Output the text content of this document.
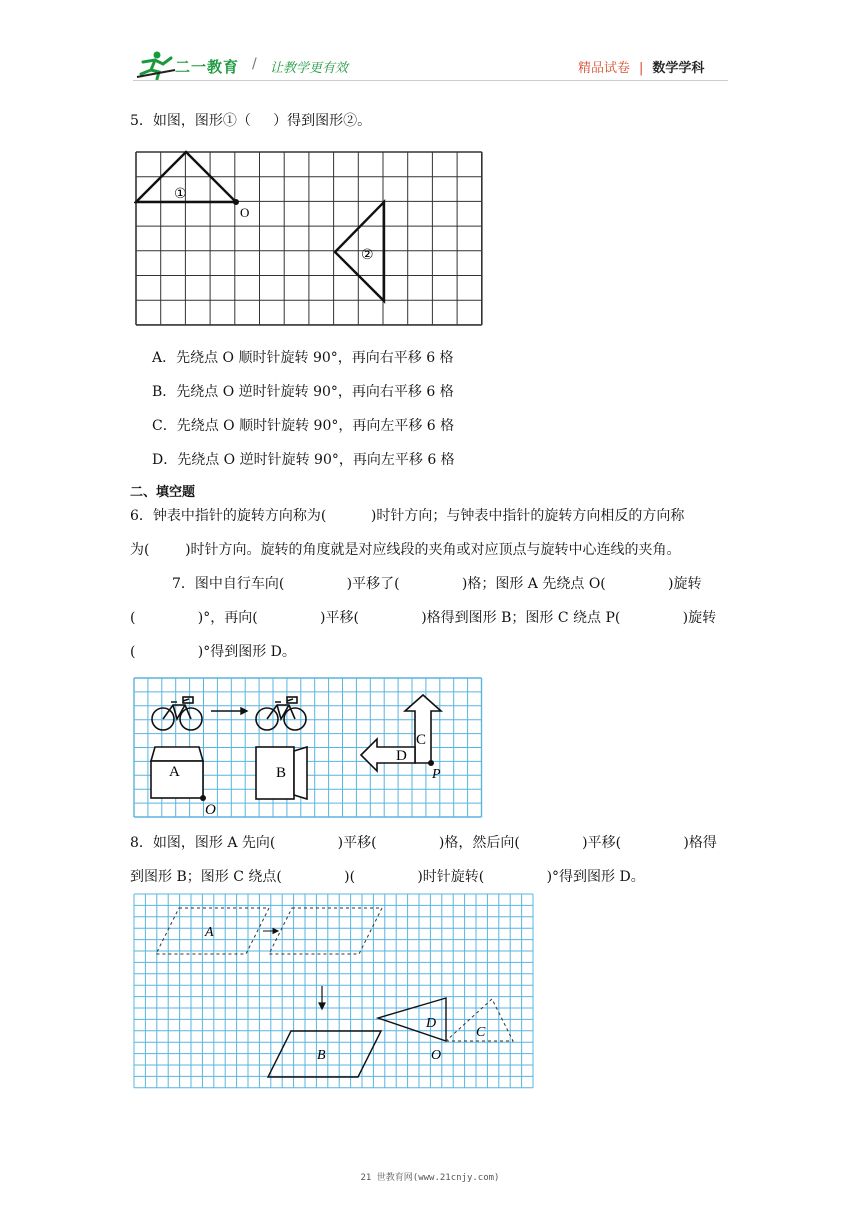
二一教育 / 让教学更有效	精品试卷 | 数学学科
5．如图，图形①（     ）得到图形②。
①
②
O
A．先绕点 O 顺时针旋转 90°，再向右平移 6 格
B．先绕点 O 逆时针旋转 90°，再向右平移 6 格
C．先绕点 O 顺时针旋转 90°，再向左平移 6 格
D．先绕点 O 逆时针旋转 90°，再向左平移 6 格
二、填空题
6．钟表中指针的旋转方向称为(          )时针方向；与钟表中指针的旋转方向相反的方向称
为(        )时针方向。旋转的角度就是对应线段的夹角或对应顶点与旋转中心连线的夹角。
7．图中自行车向(              )平移了(              )格；图形 A 先绕点 O(              )旋转
(              )°，再向(              )平移(              )格得到图形 B；图形 C 绕点 P(              )旋转
(              )°得到图形 D。
A
O
B
C
D
P
8．如图，图形 A 先向(              )平移(              )格，然后向(              )平移(              )格得
到图形 B；图形 C 绕点(              )(              )时针旋转(              )°得到图形 D。
A
B
D
C
O
21 世教育网(www.21cnjy.com)
